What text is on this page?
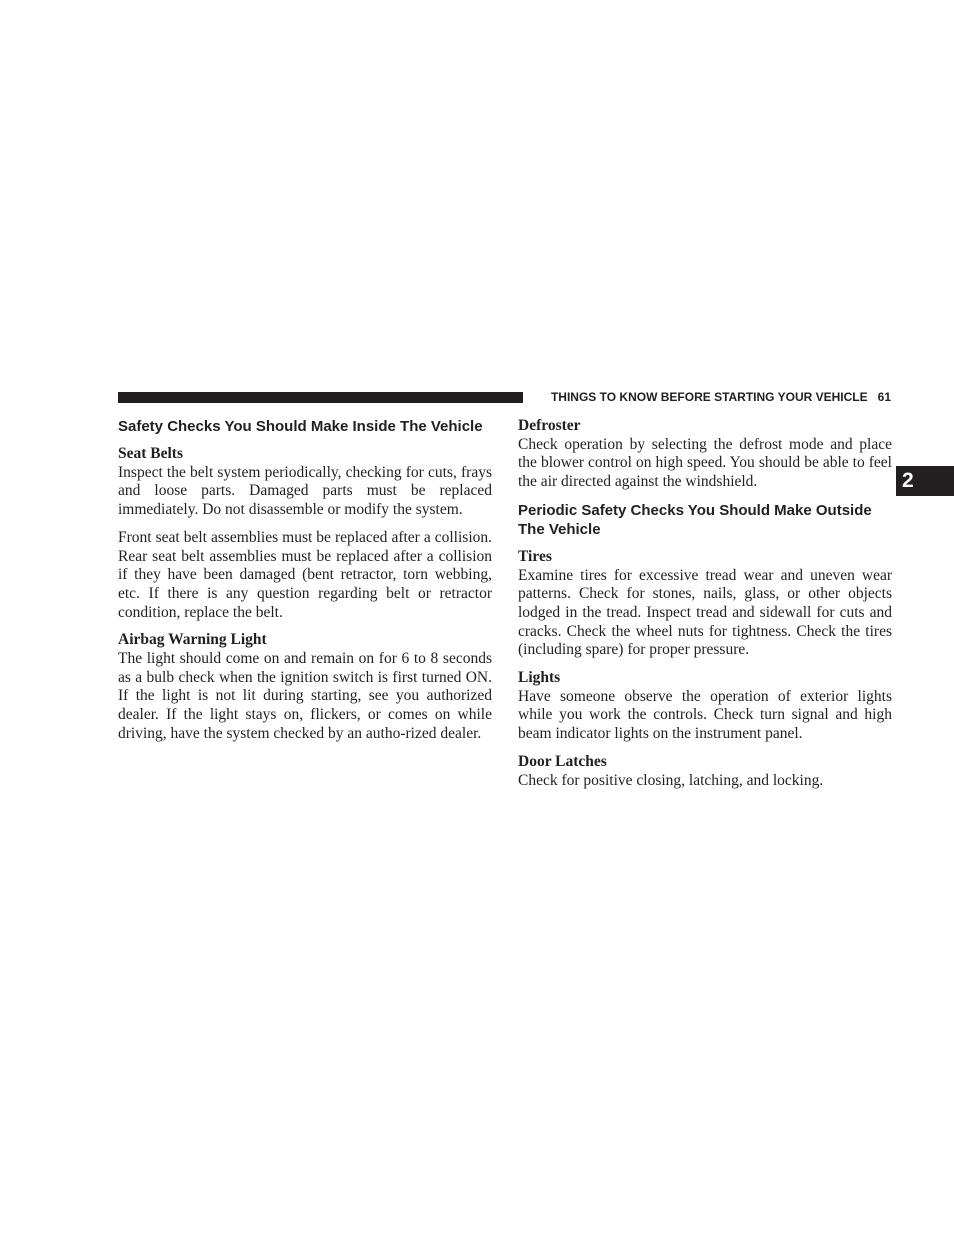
THINGS TO KNOW BEFORE STARTING YOUR VEHICLE 61
2
Safety Checks You Should Make Inside The Vehicle
Seat Belts

Inspect the belt system periodically, checking for cuts, frays and loose parts. Damaged parts must be replaced immediately. Do not disassemble or modify the system.

Front seat belt assemblies must be replaced after a collision. Rear seat belt assemblies must be replaced after a collision if they have been damaged (bent retractor, torn webbing, etc. If there is any question regarding belt or retractor condition, replace the belt.

Airbag Warning Light

The light should come on and remain on for 6 to 8 seconds as a bulb check when the ignition switch is first turned ON. If the light is not lit during starting, see you authorized dealer. If the light stays on, flickers, or comes on while driving, have the system checked by an autho-rized dealer.

Defroster

Check operation by selecting the defrost mode and place the blower control on high speed. You should be able to feel the air directed against the windshield.

Periodic Safety Checks You Should Make Outside The Vehicle
Tires

Examine tires for excessive tread wear and uneven wear patterns. Check for stones, nails, glass, or other objects lodged in the tread. Inspect tread and sidewall for cuts and cracks. Check the wheel nuts for tightness. Check the tires (including spare) for proper pressure.

Lights

Have someone observe the operation of exterior lights while you work the controls. Check turn signal and high beam indicator lights on the instrument panel.

Door Latches

Check for positive closing, latching, and locking.
